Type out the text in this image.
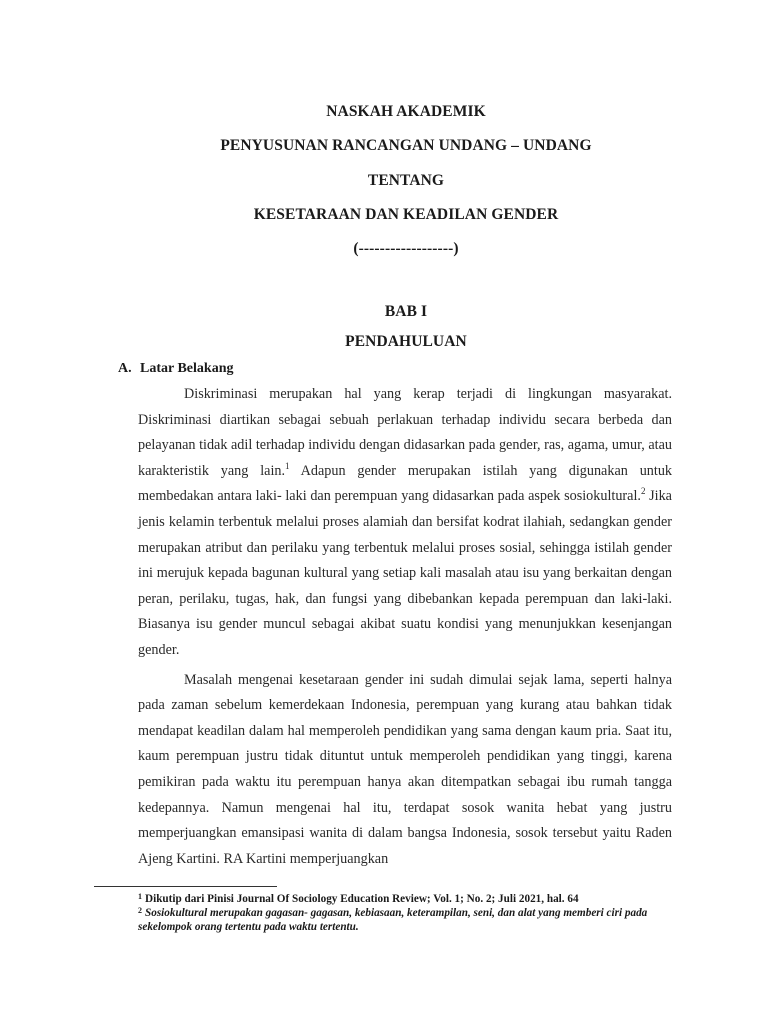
NASKAH AKADEMIK
PENYUSUNAN RANCANGAN UNDANG – UNDANG
TENTANG
KESETARAAN DAN KEADILAN GENDER
(------------------)
BAB I
PENDAHULUAN
A. Latar Belakang

Diskriminasi merupakan hal yang kerap terjadi di lingkungan masyarakat. Diskriminasi diartikan sebagai sebuah perlakuan terhadap individu secara berbeda dan pelayanan tidak adil terhadap individu dengan didasarkan pada gender, ras, agama, umur, atau karakteristik yang lain.$^1$ Adapun gender merupakan istilah yang digunakan untuk membedakan antara laki- laki dan perempuan yang didasarkan pada aspek sosiokultural.$^2$ Jika jenis kelamin terbentuk melalui proses alamiah dan bersifat kodrat ilahiah, sedangkan gender merupakan atribut dan perilaku yang terbentuk melalui proses sosial, sehingga istilah gender ini merujuk kepada bagunan kultural yang setiap kali masalah atau isu yang berkaitan dengan peran, perilaku, tugas, hak, dan fungsi yang dibebankan kepada perempuan dan laki-laki. Biasanya isu gender muncul sebagai akibat suatu kondisi yang menunjukkan kesenjangan gender.

Masalah mengenai kesetaraan gender ini sudah dimulai sejak lama, seperti halnya pada zaman sebelum kemerdekaan Indonesia, perempuan yang kurang atau bahkan tidak mendapat keadilan dalam hal memperoleh pendidikan yang sama dengan kaum pria. Saat itu, kaum perempuan justru tidak dituntut untuk memperoleh pendidikan yang tinggi, karena pemikiran pada waktu itu perempuan hanya akan ditempatkan sebagai ibu rumah tangga kedepannya. Namun mengenai hal itu, terdapat sosok wanita hebat yang justru memperjuangkan emansipasi wanita di dalam bangsa Indonesia, sosok tersebut yaitu Raden Ajeng Kartini. RA Kartini memperjuangkan

$^1$ Dikutip dari Pinisi Journal Of Sociology Education Review; Vol. 1; No. 2; Juli 2021, hal. 64

$^2$ Sosiokultural merupakan gagasan- gagasan, kebiasaan, keterampilan, seni, dan alat yang memberi ciri pada sekelompok orang tertentu pada waktu tertentu.
